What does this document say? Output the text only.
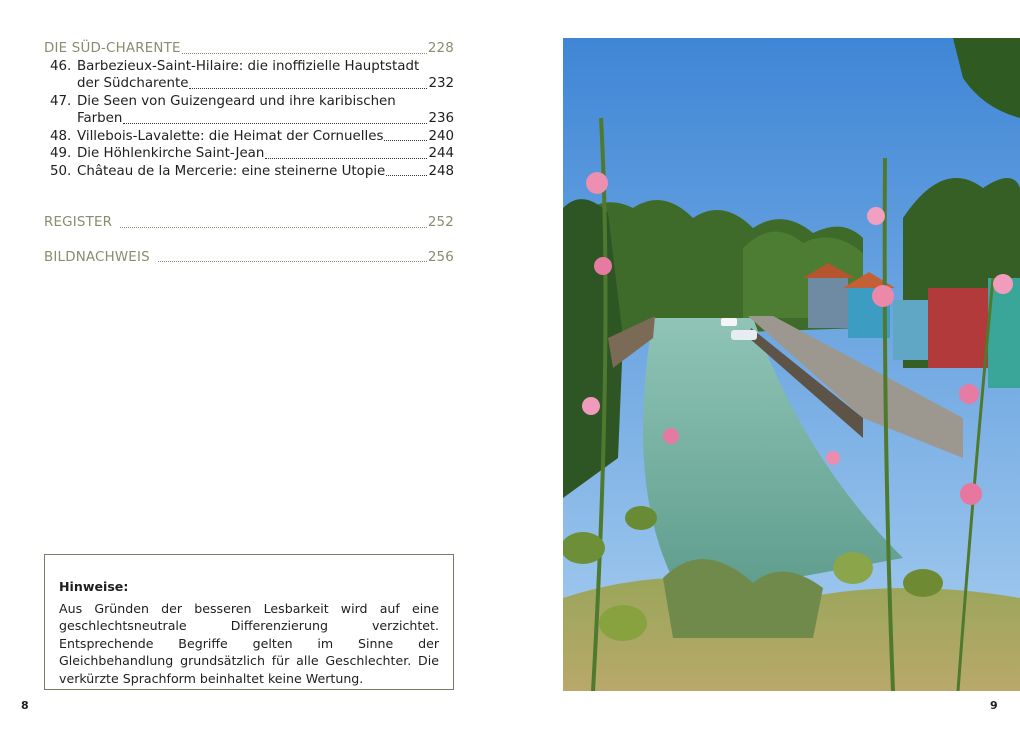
DIE SÜD-CHARENTE	228
46. Barbezieux-Saint-Hilaire: die inoffizielle Hauptstadt
der Südcharente	232
47. Die Seen von Guizengeard und ihre karibischen
Farben	236
48. Villebois-Lavalette: die Heimat der Cornuelles	240
49. Die Höhlenkirche Saint-Jean	244
50. Château de la Mercerie: eine steinerne Utopie	248
REGISTER	252
BILDNACHWEIS	256
Hinweise:
Aus Gründen der besseren Lesbarkeit wird auf eine geschlechtsneutrale Differenzierung verzichtet. Entsprechende Begriffe gelten im Sinne der Gleichbehandlung grundsätzlich für alle Geschlechter. Die verkürzte Sprachform beinhaltet keine Wertung.
8	9
